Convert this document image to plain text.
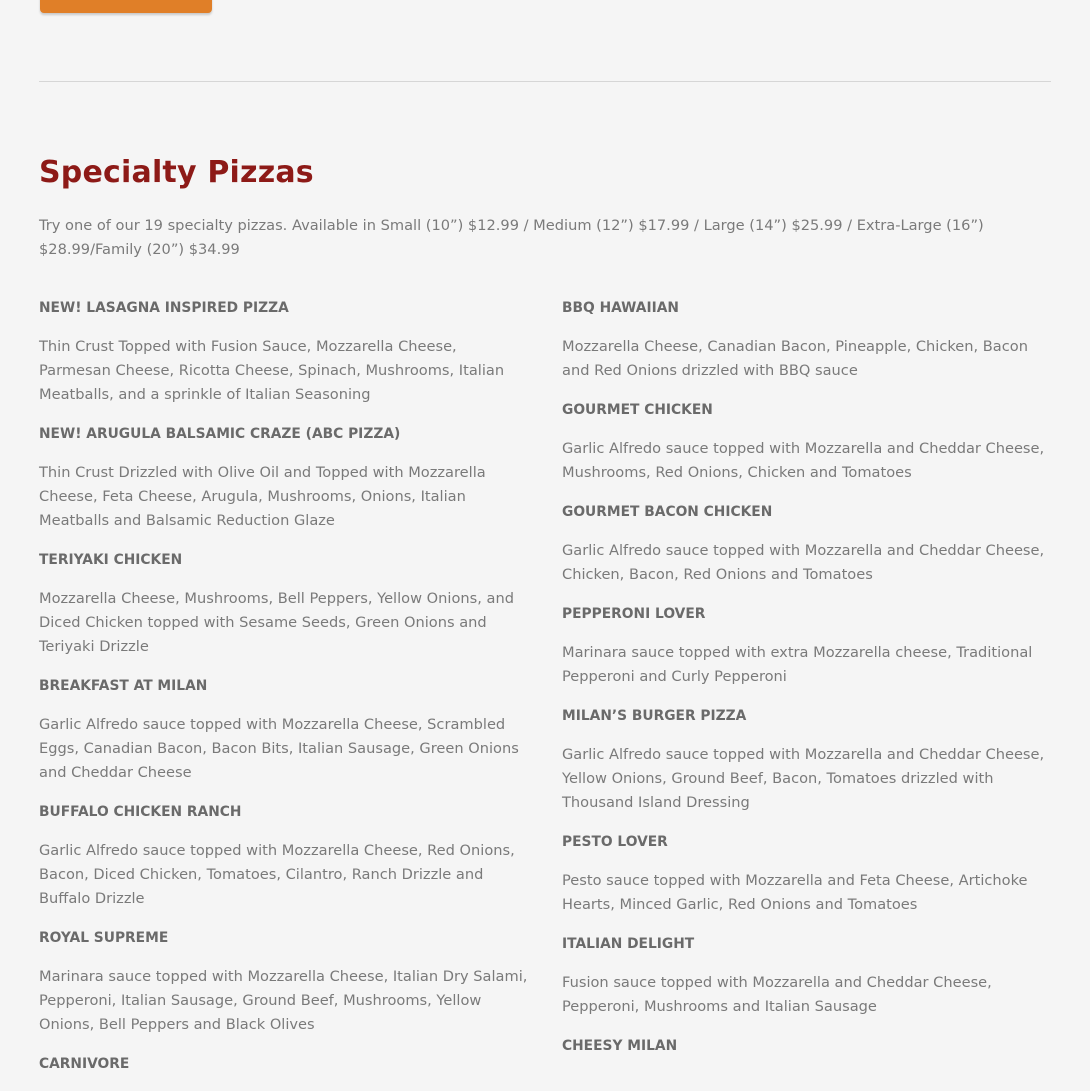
Specialty Pizzas

Try one of our 19 specialty pizzas. Available in Small (10”) $12.99 / Medium (12”) $17.99 / Large (14”) $25.99 / Extra-Large (16”) $28.99/Family (20”) $34.99

NEW! LASAGNA INSPIRED PIZZA

Thin Crust Topped with Fusion Sauce, Mozzarella Cheese, Parmesan Cheese, Ricotta Cheese, Spinach, Mushrooms, Italian Meatballs, and a sprinkle of Italian Seasoning

NEW! ARUGULA BALSAMIC CRAZE (ABC PIZZA)

Thin Crust Drizzled with Olive Oil and Topped with Mozzarella Cheese, Feta Cheese, Arugula, Mushrooms, Onions, Italian Meatballs and Balsamic Reduction Glaze

TERIYAKI CHICKEN

Mozzarella Cheese, Mushrooms, Bell Peppers, Yellow Onions, and Diced Chicken topped with Sesame Seeds, Green Onions and Teriyaki Drizzle

BREAKFAST AT MILAN

Garlic Alfredo sauce topped with Mozzarella Cheese, Scrambled Eggs, Canadian Bacon, Bacon Bits, Italian Sausage, Green Onions and Cheddar Cheese

BUFFALO CHICKEN RANCH

Garlic Alfredo sauce topped with Mozzarella Cheese, Red Onions, Bacon, Diced Chicken, Tomatoes, Cilantro, Ranch Drizzle and Buffalo Drizzle

ROYAL SUPREME

Marinara sauce topped with Mozzarella Cheese, Italian Dry Salami, Pepperoni, Italian Sausage, Ground Beef, Mushrooms, Yellow Onions, Bell Peppers and Black Olives

CARNIVORE

BBQ HAWAIIAN

Mozzarella Cheese, Canadian Bacon, Pineapple, Chicken, Bacon and Red Onions drizzled with BBQ sauce

GOURMET CHICKEN

Garlic Alfredo sauce topped with Mozzarella and Cheddar Cheese, Mushrooms, Red Onions, Chicken and Tomatoes

GOURMET BACON CHICKEN

Garlic Alfredo sauce topped with Mozzarella and Cheddar Cheese, Chicken, Bacon, Red Onions and Tomatoes

PEPPERONI LOVER

Marinara sauce topped with extra Mozzarella cheese, Traditional Pepperoni and Curly Pepperoni

MILAN’S BURGER PIZZA

Garlic Alfredo sauce topped with Mozzarella and Cheddar Cheese, Yellow Onions, Ground Beef, Bacon, Tomatoes drizzled with Thousand Island Dressing

PESTO LOVER

Pesto sauce topped with Mozzarella and Feta Cheese, Artichoke Hearts, Minced Garlic, Red Onions and Tomatoes

ITALIAN DELIGHT

Fusion sauce topped with Mozzarella and Cheddar Cheese, Pepperoni, Mushrooms and Italian Sausage

CHEESY MILAN
